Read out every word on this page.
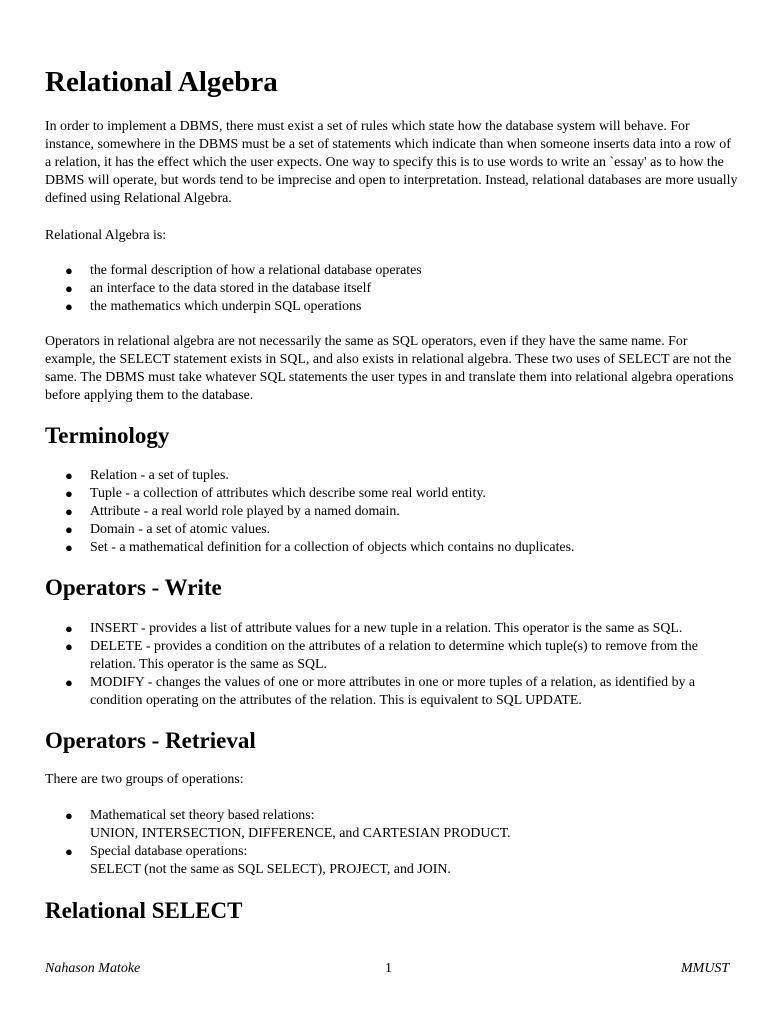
Relational Algebra

In order to implement a DBMS, there must exist a set of rules which state how the database system will behave. For instance, somewhere in the DBMS must be a set of statements which indicate than when someone inserts data into a row of a relation, it has the effect which the user expects. One way to specify this is to use words to write an `essay' as to how the DBMS will operate, but words tend to be imprecise and open to interpretation. Instead, relational databases are more usually defined using Relational Algebra.

Relational Algebra is:

● the formal description of how a relational database operates
● an interface to the data stored in the database itself
● the mathematics which underpin SQL operations

Operators in relational algebra are not necessarily the same as SQL operators, even if they have the same name. For example, the SELECT statement exists in SQL, and also exists in relational algebra. These two uses of SELECT are not the same. The DBMS must take whatever SQL statements the user types in and translate them into relational algebra operations before applying them to the database.

Terminology
● Relation - a set of tuples.
● Tuple - a collection of attributes which describe some real world entity.
● Attribute - a real world role played by a named domain.
● Domain - a set of atomic values.
● Set - a mathematical definition for a collection of objects which contains no duplicates.
Operators - Write
● INSERT - provides a list of attribute values for a new tuple in a relation. This operator is the same as SQL.
● DELETE - provides a condition on the attributes of a relation to determine which tuple(s) to remove from the relation. This operator is the same as SQL.
● MODIFY - changes the values of one or more attributes in one or more tuples of a relation, as identified by a condition operating on the attributes of the relation. This is equivalent to SQL UPDATE.
Operators - Retrieval

There are two groups of operations:

● Mathematical set theory based relations:
UNION, INTERSECTION, DIFFERENCE, and CARTESIAN PRODUCT.
● Special database operations:
SELECT (not the same as SQL SELECT), PROJECT, and JOIN.
Relational SELECT
Nahason Matoke	1	MMUST
